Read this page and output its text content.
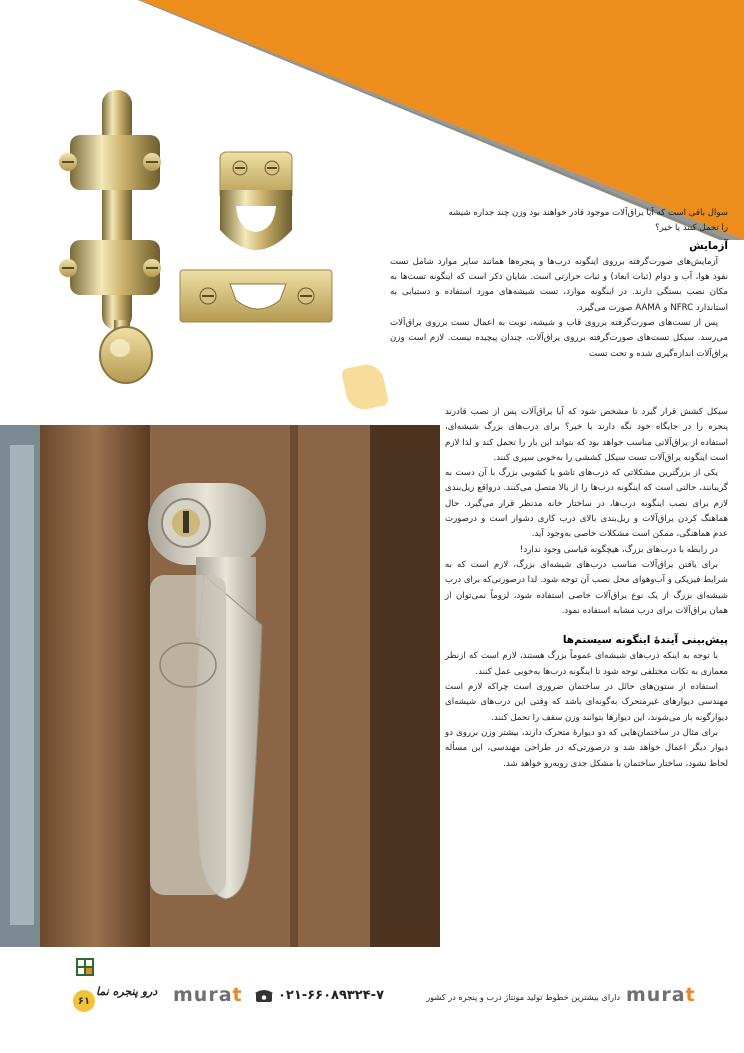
سوال باقی است که آیا یراق‌آلات موجود قادر خواهند بود وزن چند جداره شیشه

را تحمل کنند یا خیر؟

آزمایش

آزمایش‌های صورت‌گرفته برروی اینگونه درب‌ها و پنجره‌ها همانند سایر موارد شامل تست نفوذ هوا، آب و دوام (ثبات ابعاد) و ثبات حرارتی است. شایان ذکر است که اینگونه تست‌ها به مکان نصب بستگی دارند. در اینگونه موارد، تست شیشه‌های مورد استفاده و دستیابی به استاندارد NFRC و AAMA صورت می‌گیرد.

پس از تست‌های صورت‌گرفته برروی قاب و شیشه، نوبت به اعمال تست برروی یراق‌آلات می‌رسد. سیکل تست‌های صورت‌گرفته برروی یراق‌آلات، چندان پیچیده نیست. لازم است وزن یراق‌آلات اندازه‌گیری شده و تحت تست

سیکل کشش قرار گیرد تا مشخص شود که آیا یراق‌آلات پس از نصب قادرند پنجره را در جایگاه خود نگه دارند یا خیر؟ برای درب‌های بزرگ شیشه‌ای، استفاده از یراق‌آلاتی مناسب خواهد بود که بتواند این بار را تحمل کند و لذا لازم است اینگونه یراق‌آلات تست سیکل کششی را به‌خوبی سپری کنند.

یکی از بزرگترین مشکلاتی که درب‌های تاشو یا کشویی بزرگ با آن دست به گریبانند، حالتی است که اینگونه درب‌ها را از بالا متصل می‌کنند. درواقع ریل‌بندی لازم برای نصب اینگونه درب‌ها، در ساختار خانه مدنظر قرار می‌گیرد. حال هماهنگ کردن یراق‌آلات و ریل‌بندی بالای درب کاری دشوار است و درصورت عدم هماهنگی، ممکن است مشکلات خاصی به‌وجود آید.

در رابطه با درب‌های بزرگ، هیچگونه قیاسی وجود ندارد!

برای یافتن یراق‌آلات مناسب درب‌های شیشه‌ای بزرگ، لازم است که به شرایط فیزیکی و آب‌وهوای محل نصب آن توجه شود. لذا درصورتی‌که برای درب شیشه‌ای بزرگ از یک نوع یراق‌آلات خاصی استفاده شود، لزوماً نمی‌توان از همان یراق‌آلات برای درب مشابه استفاده نمود.

پیش‌بینی آیندهٔ اینگونه سیستم‌ها

با توجه به اینکه درب‌های شیشه‌ای عموماً بزرگ هستند، لازم است که ازنظر معماری به نکات مختلفی توجه شود تا اینگونه درب‌ها به‌خوبی عمل کنند.

استفاده از ستون‌های حائل در ساختمان ضروری است چراکه لازم است مهندسی دیوارهای غیرمتحرک به‌گونه‌ای باشد که وقتی این درب‌های شیشه‌ای دیوارگونه باز می‌شوند، این دیوارها بتوانند وزن سقف را تحمل کنند.

برای مثال در ساختمان‌هایی که دو دیوارهٔ متحرک دارند، بیشتر وزن برروی دو دیوار دیگر اعمال خواهد شد و درصورتی‌که در طراحی مهندسی، این مسأله لحاظ نشود، ساختار ساختمان با مشکل جدی روبه‌رو خواهد شد.

murat
دارای بیشترین خطوط تولید مونتاژ درب و پنجره در کشور
۰۲۱-۶۶۰۸۹۳۲۴-۷
murat
درو پنجره نما
۶۱
